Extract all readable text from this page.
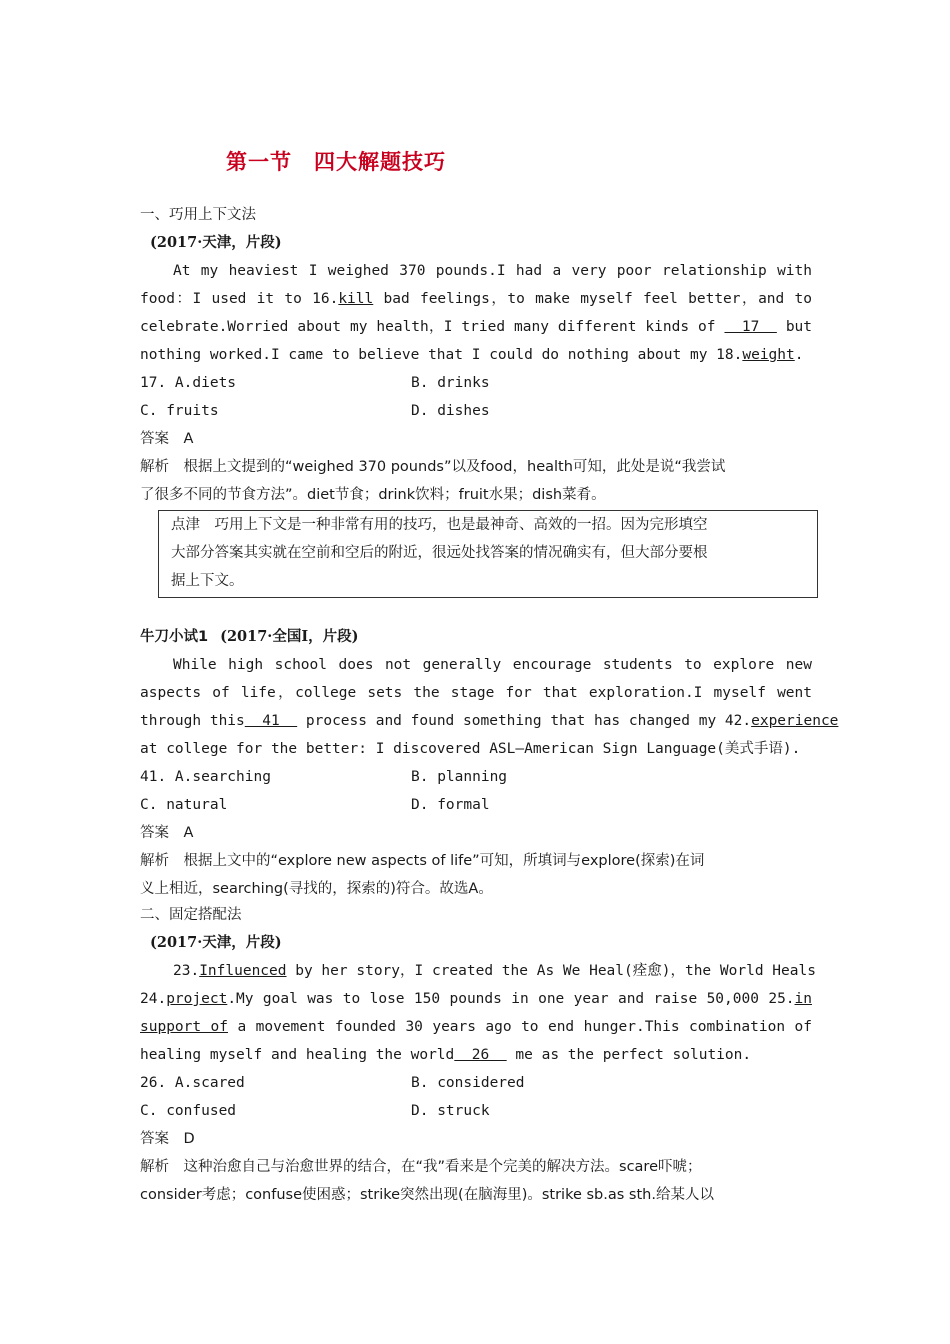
第一节 四大解题技巧
一、巧用上下文法
(2017·天津，片段)
At my heaviest I weighed 370 pounds.I had a very poor relationship with
food：I used it to 16.kill bad feelings，to make myself feel better，and to
celebrate.Worried about my health，I tried many different kinds of   17   but
nothing worked.I came to believe that I could do nothing about my 18.weight.
17. A.diets	B. drinks
C. fruits	D. dishes
答案　A
解析　根据上文提到的“weighed 370 pounds”以及food，health可知，此处是说“我尝试
了很多不同的节食方法”。diet节食；drink饮料；fruit水果；dish菜肴。
牛刀小试1 (2017·全国Ⅰ，片段)
While high school does not generally encourage students to explore new
aspects of life，college sets the stage for that exploration.I myself went
through this  41   process and found something that has changed my 42.experience
at college for the better: I discovered ASL—American Sign Language(美式手语).
41. A.searching	B. planning
C. natural	D. formal
答案　A
解析　根据上文中的“explore new aspects of life”可知，所填词与explore(探索)在词
义上相近，searching(寻找的，探索的)符合。故选A。
二、固定搭配法
(2017·天津，片段)
23.Influenced by her story，I created the As We Heal(痊愈)，the World Heals
24.project.My goal was to lose 150 pounds in one year and raise 50,000 25.in
support of a movement founded 30 years ago to end hunger.This combination of
healing myself and healing the world  26   me as the perfect solution.
26. A.scared	B. considered
C. confused	D. struck
答案　D
解析　这种治愈自己与治愈世界的结合，在“我”看来是个完美的解决方法。scare吓唬；
consider考虑；confuse使困惑；strike突然出现(在脑海里)。strike sb.as sth.给某人以
点津　巧用上下文是一种非常有用的技巧，也是最神奇、高效的一招。因为完形填空
大部分答案其实就在空前和空后的附近，很远处找答案的情况确实有，但大部分要根
据上下文。
